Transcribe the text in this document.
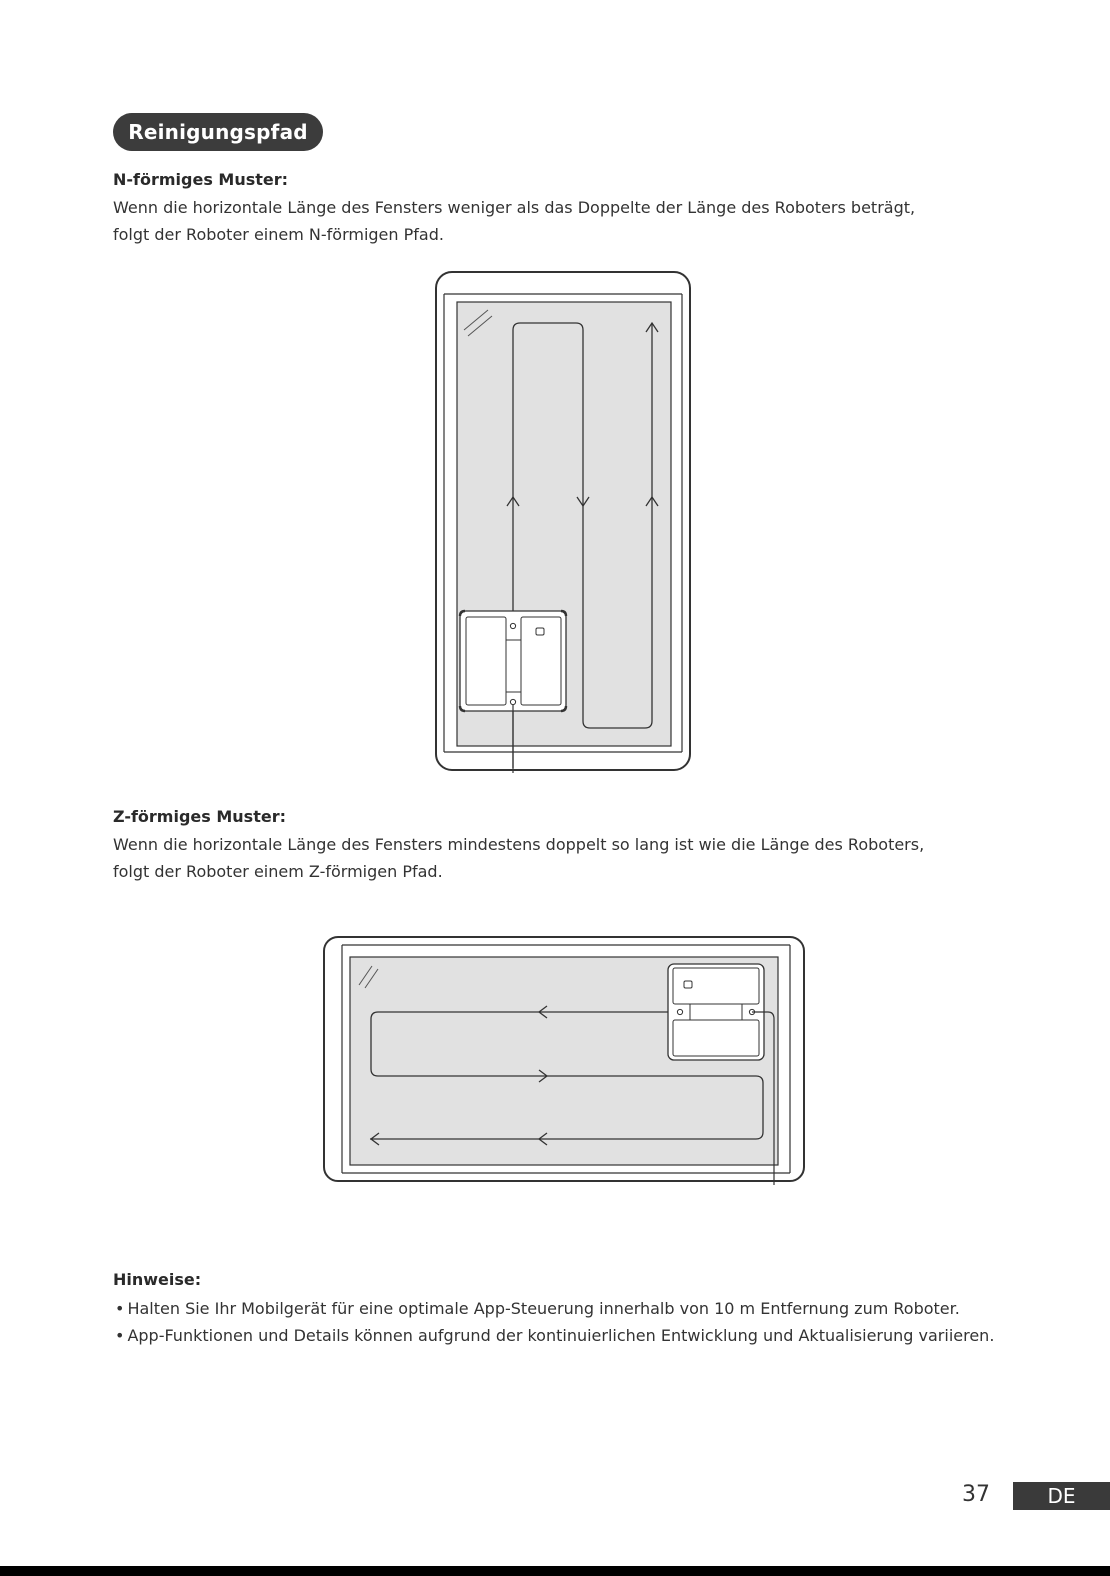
Reinigungspfad
N-förmiges Muster:
Wenn die horizontale Länge des Fensters weniger als das Doppelte der Länge des Roboters beträgt,
folgt der Roboter einem N-förmigen Pfad.
Z-förmiges Muster:
Wenn die horizontale Länge des Fensters mindestens doppelt so lang ist wie die Länge des Roboters,
folgt der Roboter einem Z-förmigen Pfad.
Hinweise:
• Halten Sie Ihr Mobilgerät für eine optimale App-Steuerung innerhalb von 10 m Entfernung zum Roboter.
• App-Funktionen und Details können aufgrund der kontinuierlichen Entwicklung und Aktualisierung variieren.
37	DE
